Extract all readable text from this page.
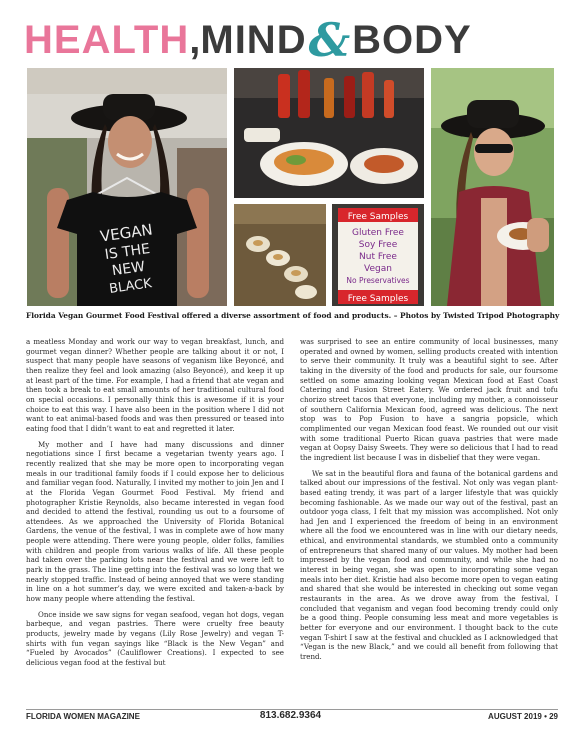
HEALTH , MIND & BODY
VEGAN
IS THE
NEW
BLACK
Free Samples
Gluten Free
Soy Free
Nut Free
Vegan
No Preservatives
Free Samples
Florida Vegan Gourmet Food Festival offered a diverse assortment of food and products. – Photos by Twisted Tripod Photography

a meatless Monday and work our way to vegan breakfast, lunch, and gourmet vegan dinner? Whether people are talking about it or not, I suspect that many people have seasons of veganism like Beyoncé, and then realize they feel and look amazing (also Beyoncé), and keep it up at least part of the time. For example, I had a friend that ate vegan and then took a break to eat small amounts of her traditional cultural food on special occasions. I personally think this is awesome if it is your choice to eat this way. I have also been in the position where I did not want to eat animal-based foods and was then pressured or teased into eating food that I didn’t want to eat and regretted it later.

My mother and I have had many discussions and dinner negotiations since I first became a vegetarian twenty years ago. I recently realized that she may be more open to incorporating vegan meals in our traditional family foods if I could expose her to delicious and familiar vegan food. Naturally, I invited my mother to join Jen and I at the Florida Vegan Gourmet Food Festival. My friend and photographer Kristie Reynolds, also became interested in vegan food and decided to attend the festival, rounding us out to a foursome of attendees. As we approached the University of Florida Botanical Gardens, the venue of the festival, I was in complete awe of how many people were attending. There were young people, older folks, families with children and people from various walks of life. All these people had taken over the parking lots near the festival and we were left to park in the grass. The line getting into the festival was so long that we nearly stopped traffic. Instead of being annoyed that we were standing in line on a hot summer’s day, we were excited and taken-a-back by how many people where attending the festival.

Once inside we saw signs for vegan seafood, vegan hot dogs, vegan barbeque, and vegan pastries. There were cruelty free beauty products, jewelry made by vegans (Lily Rose Jewelry) and vegan T-shirts with fun vegan sayings like “Black is the New Vegan” and “Fueled by Avocados” (Cauliflower Creations). I expected to see delicious vegan food at the festival but

was surprised to see an entire community of local businesses, many operated and owned by women, selling products created with intention to serve their community. It truly was a beautiful sight to see. After taking in the diversity of the food and products for sale, our foursome settled on some amazing looking vegan Mexican food at East Coast Catering and Fusion Street Eatery. We ordered jack fruit and tofu chorizo street tacos that everyone, including my mother, a connoisseur of southern California Mexican food, agreed was delicious. The next stop was to Pop Fusion to have a sangria popsicle, which complimented our vegan Mexican food feast. We rounded out our visit with some traditional Puerto Rican guava pastries that were made vegan at Oopsy Daisy Sweets. They were so delicious that I had to read the ingredient list because I was in disbelief that they were vegan.

We sat in the beautiful flora and fauna of the botanical gardens and talked about our impressions of the festival. Not only was vegan plant-based eating trendy, it was part of a larger lifestyle that was quickly becoming fashionable. As we made our way out of the festival, past an outdoor yoga class, I felt that my mission was accomplished. Not only had Jen and I experienced the freedom of being in an environment where all the food we encountered was in line with our dietary needs, ethical, and environmental standards, we stumbled onto a community of entrepreneurs that shared many of our values. My mother had been impressed by the vegan food and community, and while she had no interest in being vegan, she was open to incorporating some vegan meals into her diet. Kristie had also become more open to vegan eating and shared that she would be interested in checking out some vegan restaurants in the area. As we drove away from the festival, I concluded that veganism and vegan food becoming trendy could only be a good thing. People consuming less meat and more vegetables is better for everyone and our environment. I thought back to the cute vegan T-shirt I saw at the festival and chuckled as I acknowledged that “Vegan is the new Black,” and we could all benefit from following that trend.

FLORIDA WOMEN MAGAZINE	813.682.9364	AUGUST 2019 • 29
